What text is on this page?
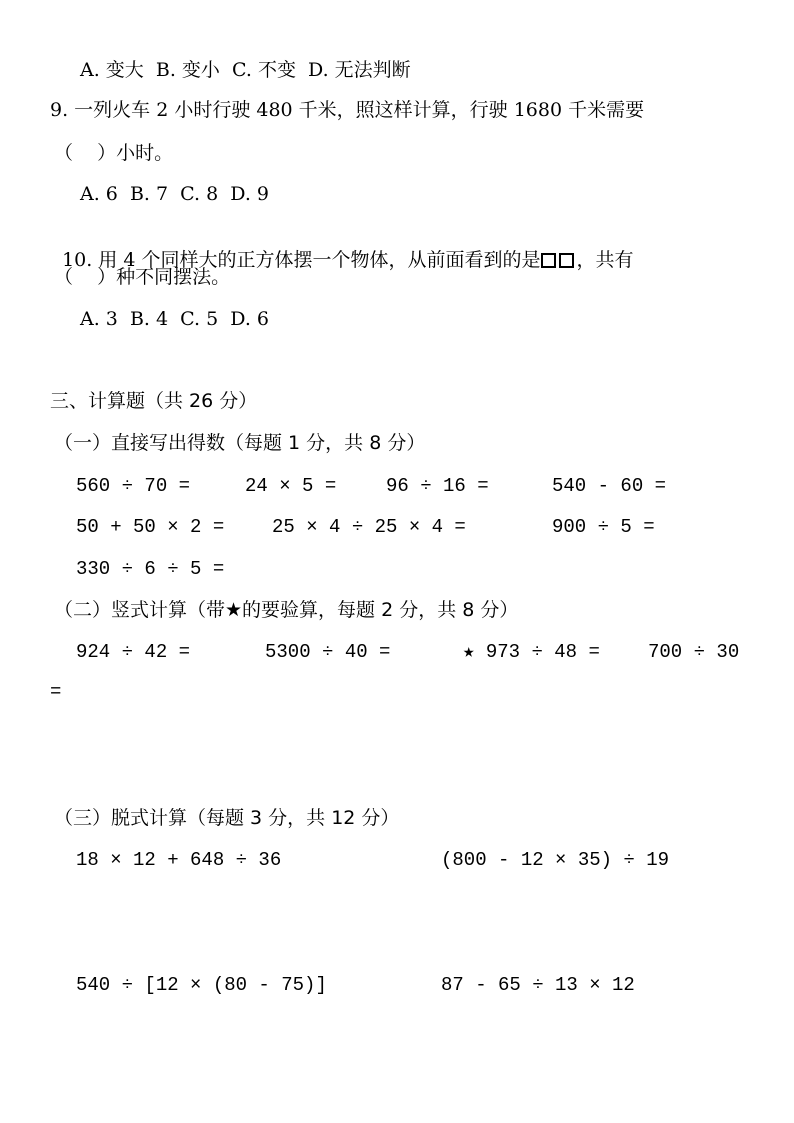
A. 变大  B. 变小  C. 不变  D. 无法判断
9. 一列火车 2 小时行驶 480 千米，照这样计算，行驶 1680 千米需要
（    ）小时。
A. 6  B. 7  C. 8  D. 9

10. 用 4 个同样大的正方体摆一个物体，从前面看到的是 ，共有

（    ）种不同摆法。
A. 3  B. 4  C. 5  D. 6
三、计算题（共 26 分）
（一）直接写出得数（每题 1 分，共 8 分）
560 ÷ 70 =	24 × 5 =	96 ÷ 16 =	540 - 60 =
50 + 50 × 2 =	25 × 4 ÷ 25 × 4 =	900 ÷ 5 =
330 ÷ 6 ÷ 5 =
（二）竖式计算（带★的要验算，每题 2 分，共 8 分）
924 ÷ 42 =	5300 ÷ 40 =	★ 973 ÷ 48 =	700 ÷ 30
=
（三）脱式计算（每题 3 分，共 12 分）
18 × 12 + 648 ÷ 36	(800 - 12 × 35) ÷ 19
540 ÷ [12 × (80 - 75)]	87 - 65 ÷ 13 × 12
